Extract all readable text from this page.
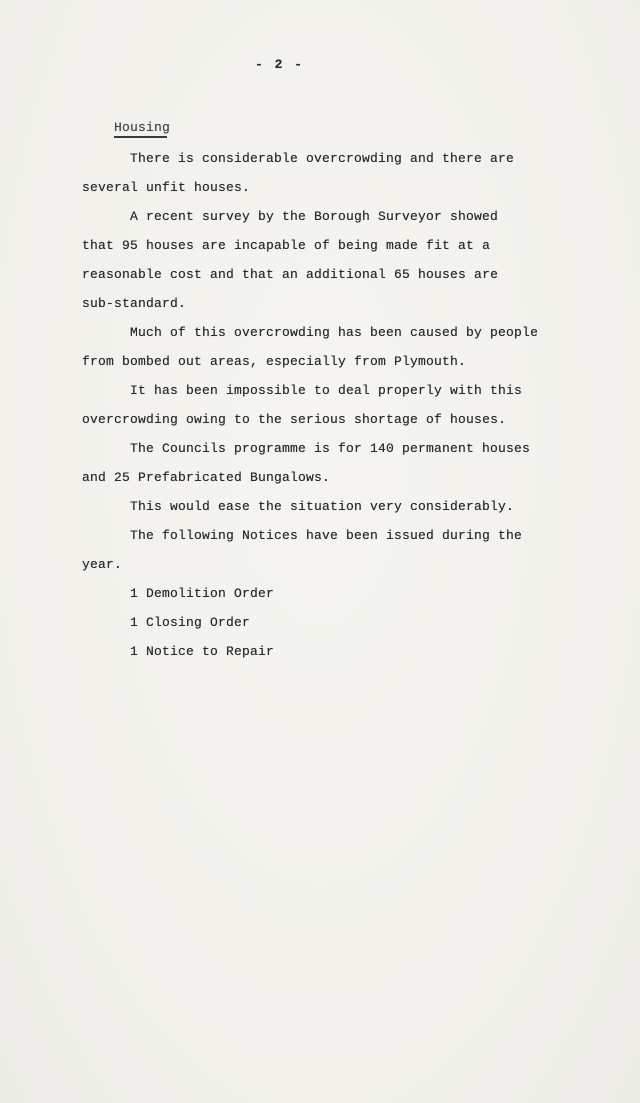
- 2 -
Housing
There is considerable overcrowding and there are
several unfit houses.
A recent survey by the Borough Surveyor showed
that 95 houses are incapable of being made fit at a
reasonable cost and that an additional 65 houses are
sub-standard.
Much of this overcrowding has been caused by people
from bombed out areas, especially from Plymouth.
It has been impossible to deal properly with this
overcrowding owing to the serious shortage of houses.
The Councils programme is for 140 permanent houses
and 25 Prefabricated Bungalows.
This would ease the situation very considerably.
The following Notices have been issued during the
year.
1 Demolition Order
1 Closing Order
1 Notice to Repair
